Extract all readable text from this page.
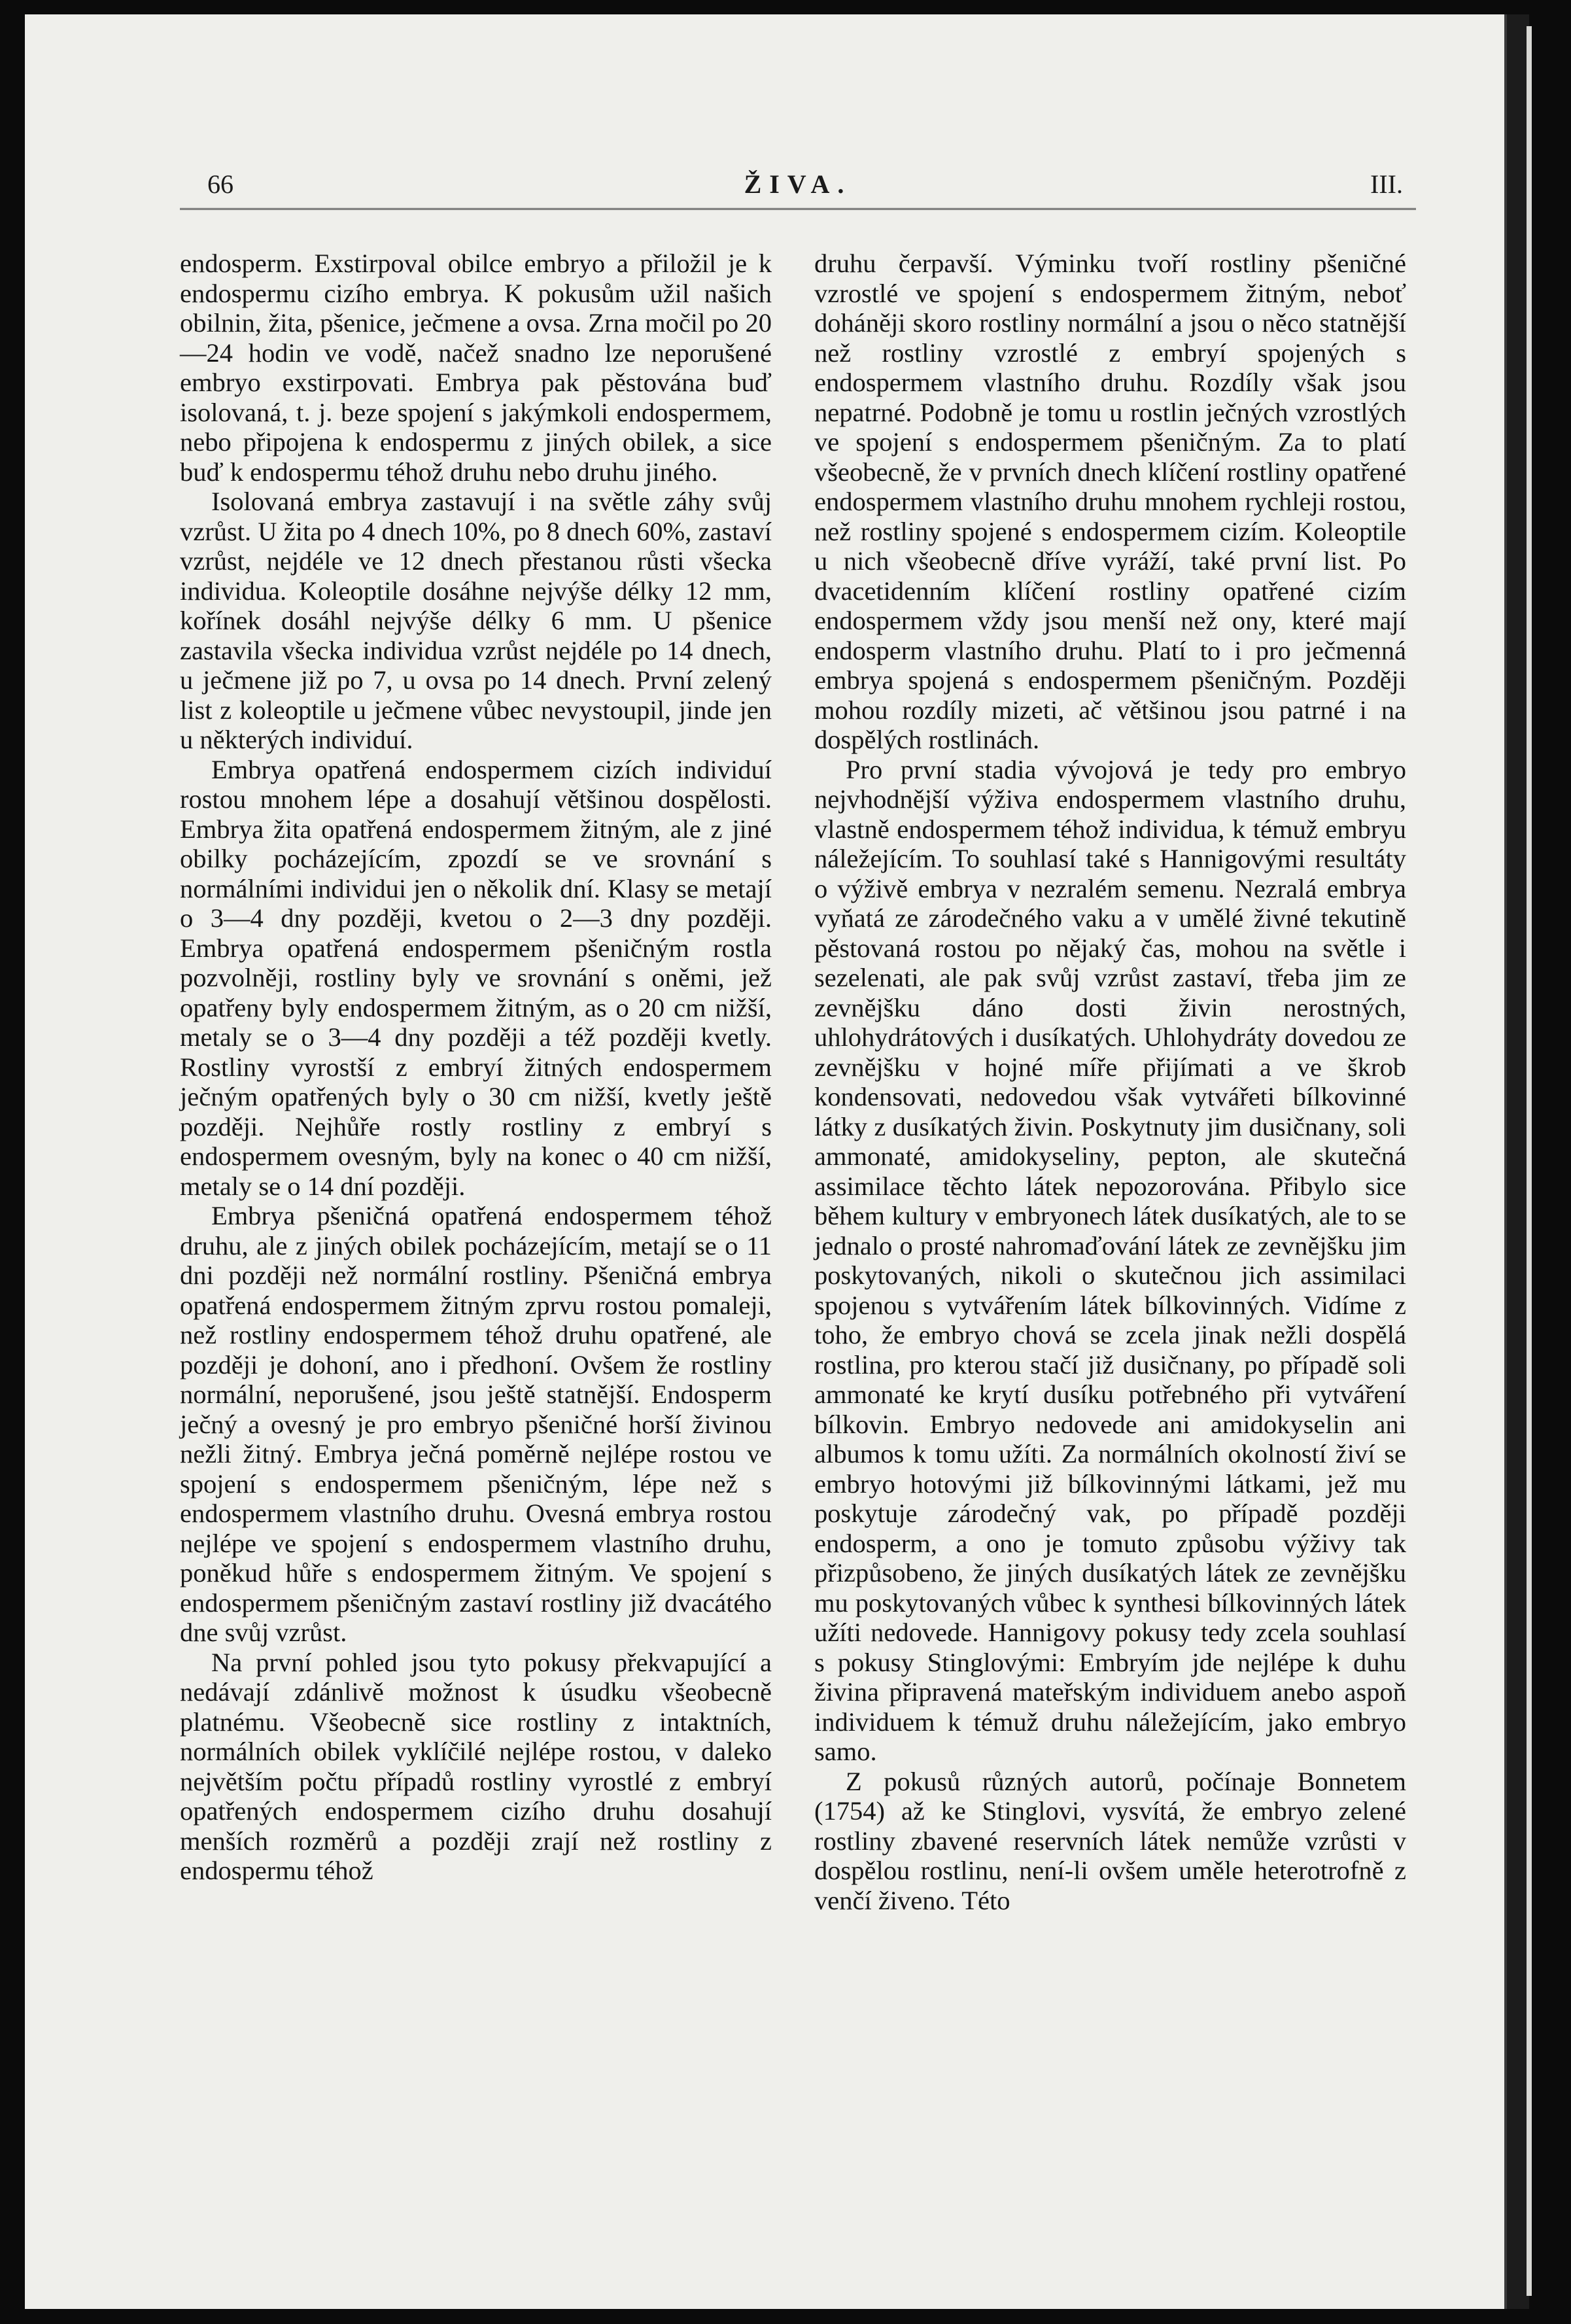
66	ŽIVA.	III.

endosperm. Exstirpoval obilce embryo a přiložil je k endospermu cizího embrya. K pokusům užil našich obilnin, žita, pšenice, ječmene a ovsa. Zrna močil po 20—24 hodin ve vodě, načež snadno lze neporušené embryo exstirpovati. Embrya pak pěstována buď isolovaná, t. j. beze spojení s jakýmkoli endospermem, nebo připojena k endospermu z jiných obilek, a sice buď k endospermu téhož druhu nebo druhu jiného.

Isolovaná embrya zastavují i na světle záhy svůj vzrůst. U žita po 4 dnech 10%, po 8 dnech 60%, zastaví vzrůst, nejdéle ve 12 dnech přestanou růsti všecka individua. Koleoptile dosáhne nejvýše délky 12 mm, kořínek dosáhl nejvýše délky 6 mm. U pšenice zastavila všecka individua vzrůst nejdéle po 14 dnech, u ječmene již po 7, u ovsa po 14 dnech. První zelený list z koleoptile u ječmene vůbec nevystoupil, jinde jen u některých individuí.

Embrya opatřená endospermem cizích individuí rostou mnohem lépe a dosahují většinou dospělosti. Embrya žita opatřená endospermem žitným, ale z jiné obilky pocházejícím, zpozdí se ve srovnání s normálními individui jen o několik dní. Klasy se metají o 3—4 dny později, kvetou o 2—3 dny později. Embrya opatřená endospermem pšeničným rostla pozvolněji, rostliny byly ve srovnání s oněmi, jež opatřeny byly endospermem žitným, as o 20 cm nižší, metaly se o 3—4 dny později a též později kvetly. Rostliny vyrostší z embryí žitných endospermem ječným opatřených byly o 30 cm nižší, kvetly ještě později. Nejhůře rostly rostliny z embryí s endospermem ovesným, byly na konec o 40 cm nižší, metaly se o 14 dní později.

Embrya pšeničná opatřená endospermem téhož druhu, ale z jiných obilek pocházejícím, metají se o 11 dni později než normální rostliny. Pšeničná embrya opatřená endospermem žitným zprvu rostou pomaleji, než rostliny endospermem téhož druhu opatřené, ale později je dohoní, ano i předhoní. Ovšem že rostliny normální, neporušené, jsou ještě statnější. Endosperm ječný a ovesný je pro embryo pšeničné horší živinou nežli žitný. Embrya ječná poměrně nejlépe rostou ve spojení s endospermem pšeničným, lépe než s endospermem vlastního druhu. Ovesná embrya rostou nejlépe ve spojení s endospermem vlastního druhu, poněkud hůře s endospermem žitným. Ve spojení s endospermem pšeničným zastaví rostliny již dvacátého dne svůj vzrůst.

Na první pohled jsou tyto pokusy překvapující a nedávají zdánlivě možnost k úsudku všeobecně platnému. Všeobecně sice rostliny z intaktních, normálních obilek vyklíčilé nejlépe rostou, v daleko největším počtu případů rostliny vyrostlé z embryí opatřených endospermem cizího druhu dosahují menších rozměrů a později zrají než rostliny z endospermu téhož

druhu čerpavší. Výminku tvoří rostliny pšeničné vzrostlé ve spojení s endospermem žitným, neboť doháněji skoro rostliny normální a jsou o něco statnější než rostliny vzrostlé z embryí spojených s endospermem vlastního druhu. Rozdíly však jsou nepatrné. Podobně je tomu u rostlin ječných vzrostlých ve spojení s endospermem pšeničným. Za to platí všeobecně, že v prvních dnech klíčení rostliny opatřené endospermem vlastního druhu mnohem rychleji rostou, než rostliny spojené s endospermem cizím. Koleoptile u nich všeobecně dříve vyráží, také první list. Po dvacetidenním klíčení rostliny opatřené cizím endospermem vždy jsou menší než ony, které mají endosperm vlastního druhu. Platí to i pro ječmenná embrya spojená s endospermem pšeničným. Později mohou rozdíly mizeti, ač většinou jsou patrné i na dospělých rostlinách.

Pro první stadia vývojová je tedy pro embryo nejvhodnější výživa endospermem vlastního druhu, vlastně endospermem téhož individua, k témuž embryu náležejícím. To souhlasí také s Hannigovými resultáty o výživě embrya v nezralém semenu. Nezralá embrya vyňatá ze zárodečného vaku a v umělé živné tekutině pěstovaná rostou po nějaký čas, mohou na světle i sezelenati, ale pak svůj vzrůst zastaví, třeba jim ze zevnějšku dáno dosti živin nerostných, uhlohydrátových i dusíkatých. Uhlohydráty dovedou ze zevnějšku v hojné míře přijímati a ve škrob kondensovati, nedovedou však vytvářeti bílkovinné látky z dusíkatých živin. Poskytnuty jim dusičnany, soli ammonaté, amidokyseliny, pepton, ale skutečná assimilace těchto látek nepozorována. Přibylo sice během kultury v embryonech látek dusíkatých, ale to se jednalo o prosté nahromaďování látek ze zevnějšku jim poskytovaných, nikoli o skutečnou jich assimilaci spojenou s vytvářením látek bílkovinných. Vidíme z toho, že embryo chová se zcela jinak nežli dospělá rostlina, pro kterou stačí již dusičnany, po případě soli ammonaté ke krytí dusíku potřebného při vytváření bílkovin. Embryo nedovede ani amidokyselin ani albumos k tomu užíti. Za normálních okolností živí se embryo hotovými již bílkovinnými látkami, jež mu poskytuje zárodečný vak, po případě později endosperm, a ono je tomuto způsobu výživy tak přizpůsobeno, že jiných dusíkatých látek ze zevnějšku mu poskytovaných vůbec k synthesi bílkovinných látek užíti nedovede. Hannigovy pokusy tedy zcela souhlasí s pokusy Stinglovými: Embryím jde nejlépe k duhu živina připravená mateřským individuem anebo aspoň individuem k témuž druhu náležejícím, jako embryo samo.

Z pokusů různých autorů, počínaje Bonnetem (1754) až ke Stinglovi, vysvítá, že embryo zelené rostliny zbavené reservních látek nemůže vzrůsti v dospělou rostlinu, není-li ovšem uměle heterotrofně z venčí živeno. Této
